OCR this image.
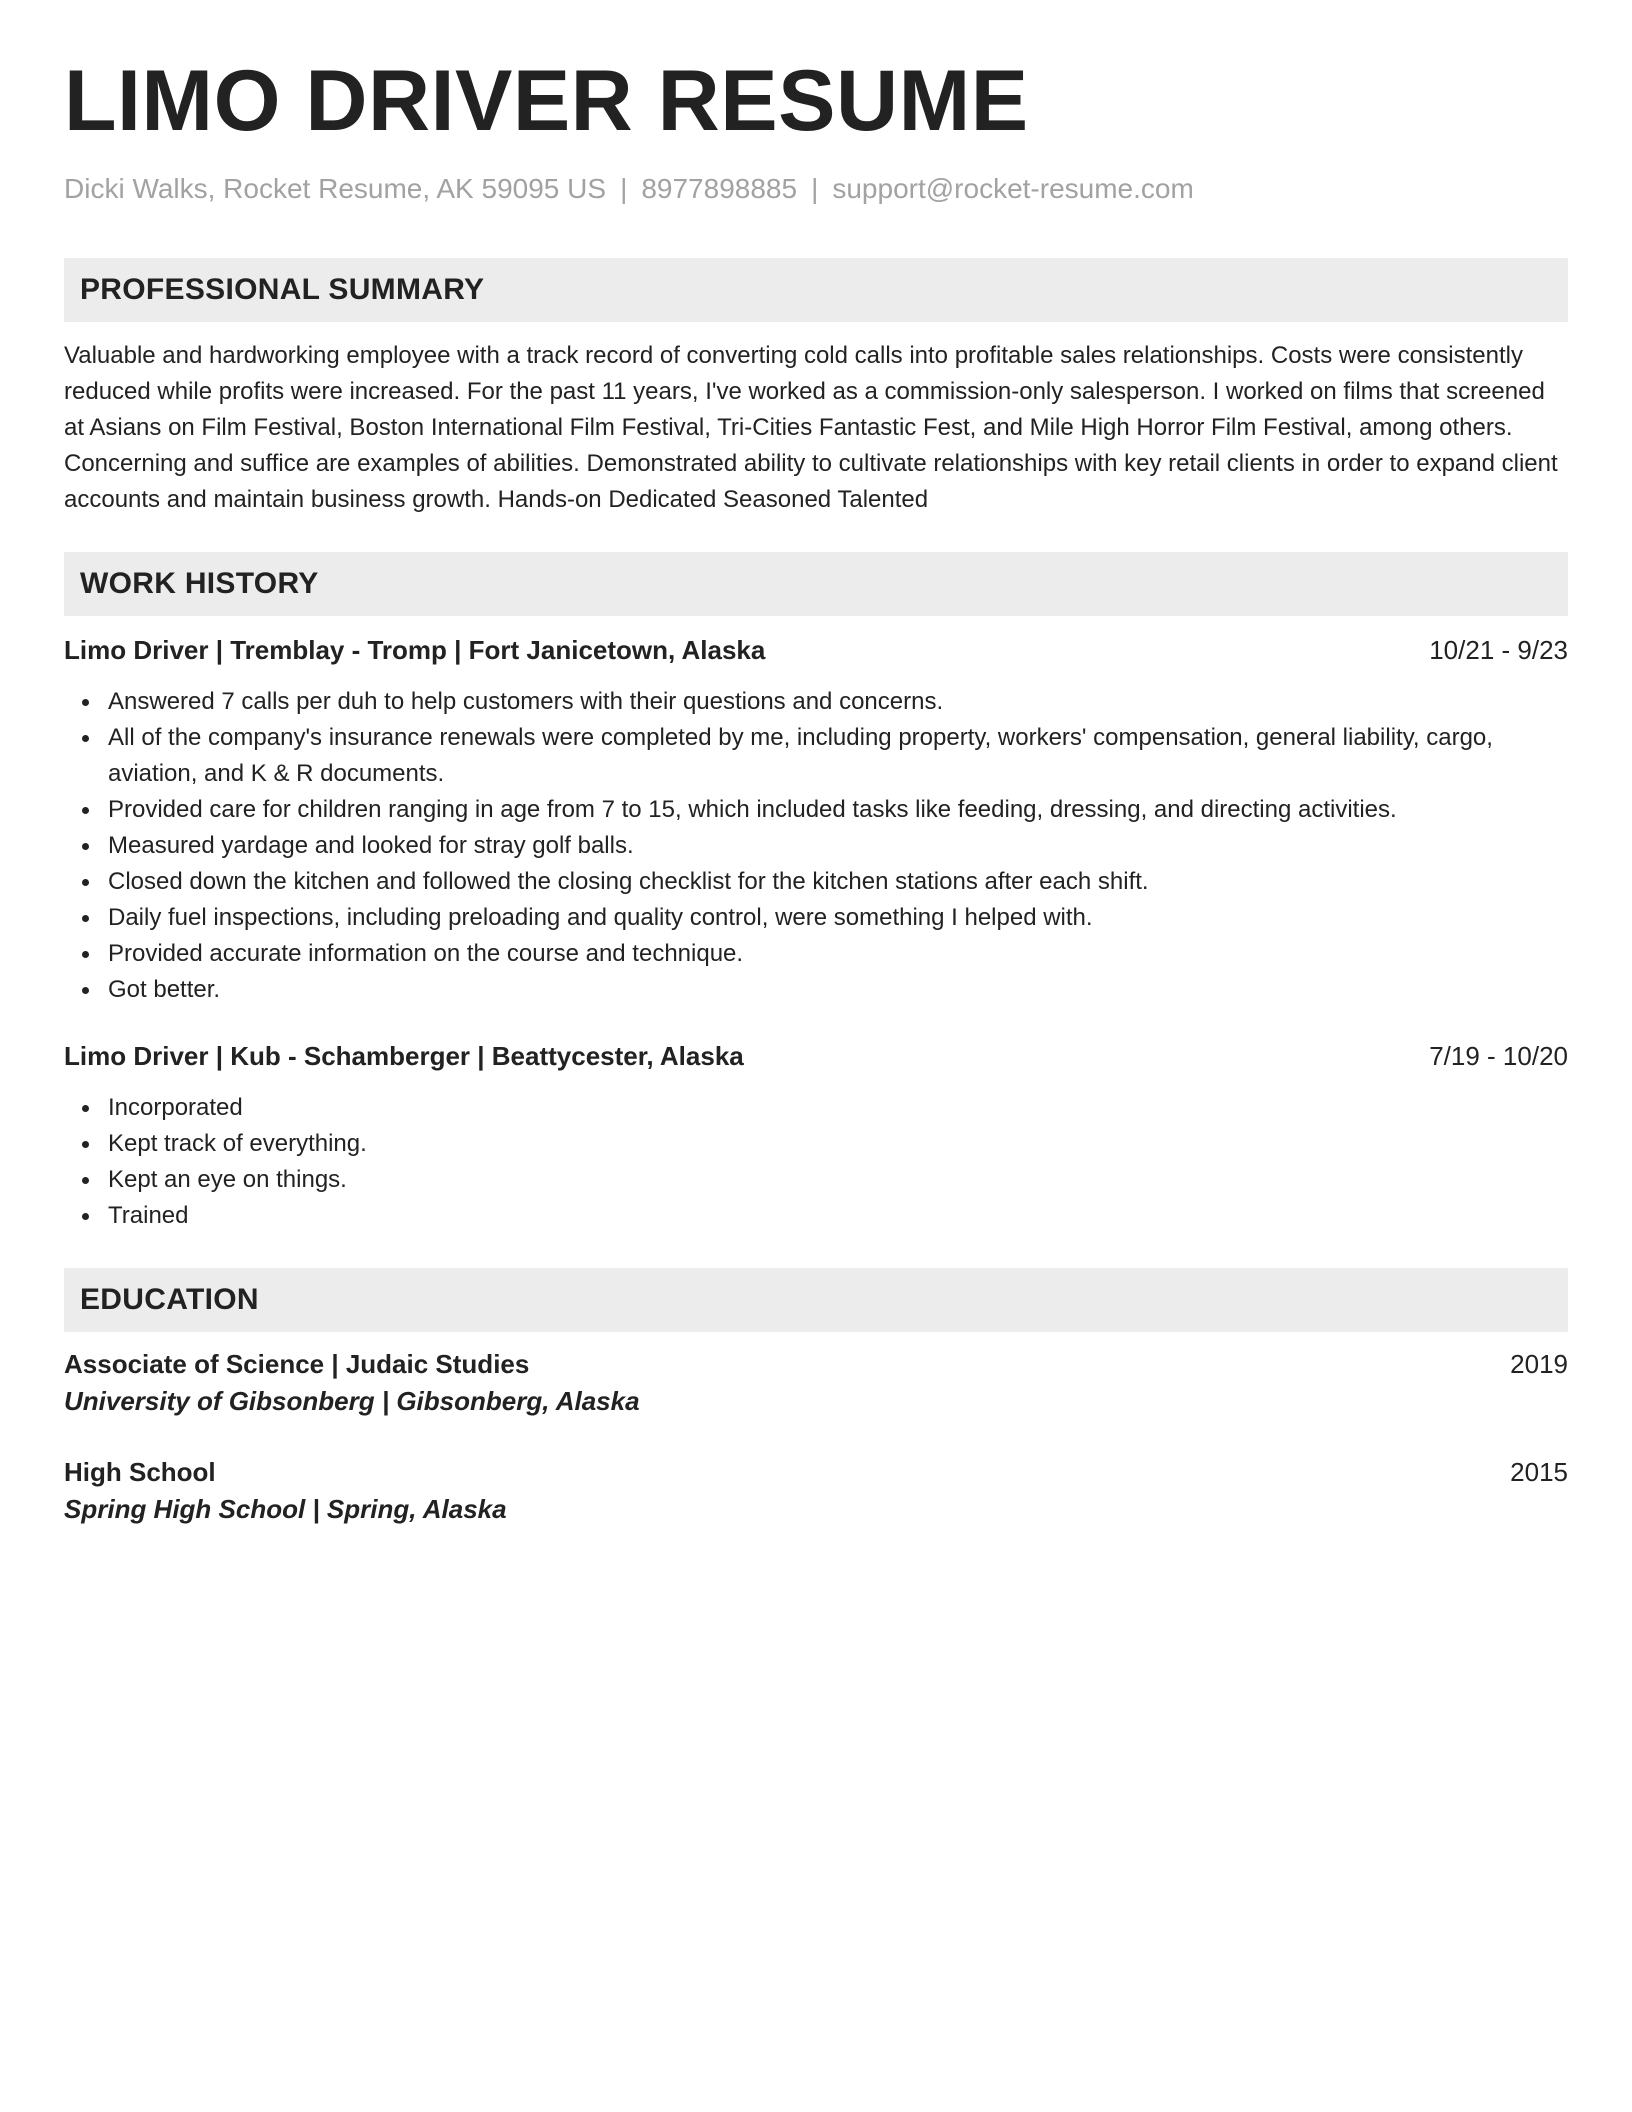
LIMO DRIVER RESUME
Dicki Walks, Rocket Resume, AK 59095 US | 8977898885 | support@rocket-resume.com
PROFESSIONAL SUMMARY

Valuable and hardworking employee with a track record of converting cold calls into profitable sales relationships. Costs were consistently reduced while profits were increased. For the past 11 years, I've worked as a commission-only salesperson. I worked on films that screened at Asians on Film Festival, Boston International Film Festival, Tri-Cities Fantastic Fest, and Mile High Horror Film Festival, among others. Concerning and suffice are examples of abilities. Demonstrated ability to cultivate relationships with key retail clients in order to expand client accounts and maintain business growth. Hands-on Dedicated Seasoned Talented

WORK HISTORY
Limo Driver | Tremblay - Tromp | Fort Janicetown, Alaska	10/21 - 9/23
Answered 7 calls per duh to help customers with their questions and concerns.
All of the company's insurance renewals were completed by me, including property, workers' compensation, general liability, cargo, aviation, and K & R documents.
Provided care for children ranging in age from 7 to 15, which included tasks like feeding, dressing, and directing activities.
Measured yardage and looked for stray golf balls.
Closed down the kitchen and followed the closing checklist for the kitchen stations after each shift.
Daily fuel inspections, including preloading and quality control, were something I helped with.
Provided accurate information on the course and technique.
Got better.
Limo Driver | Kub - Schamberger | Beattycester, Alaska	7/19 - 10/20
Incorporated
Kept track of everything.
Kept an eye on things.
Trained
EDUCATION
Associate of Science | Judaic Studies	2019
University of Gibsonberg | Gibsonberg, Alaska
High School	2015
Spring High School | Spring, Alaska
